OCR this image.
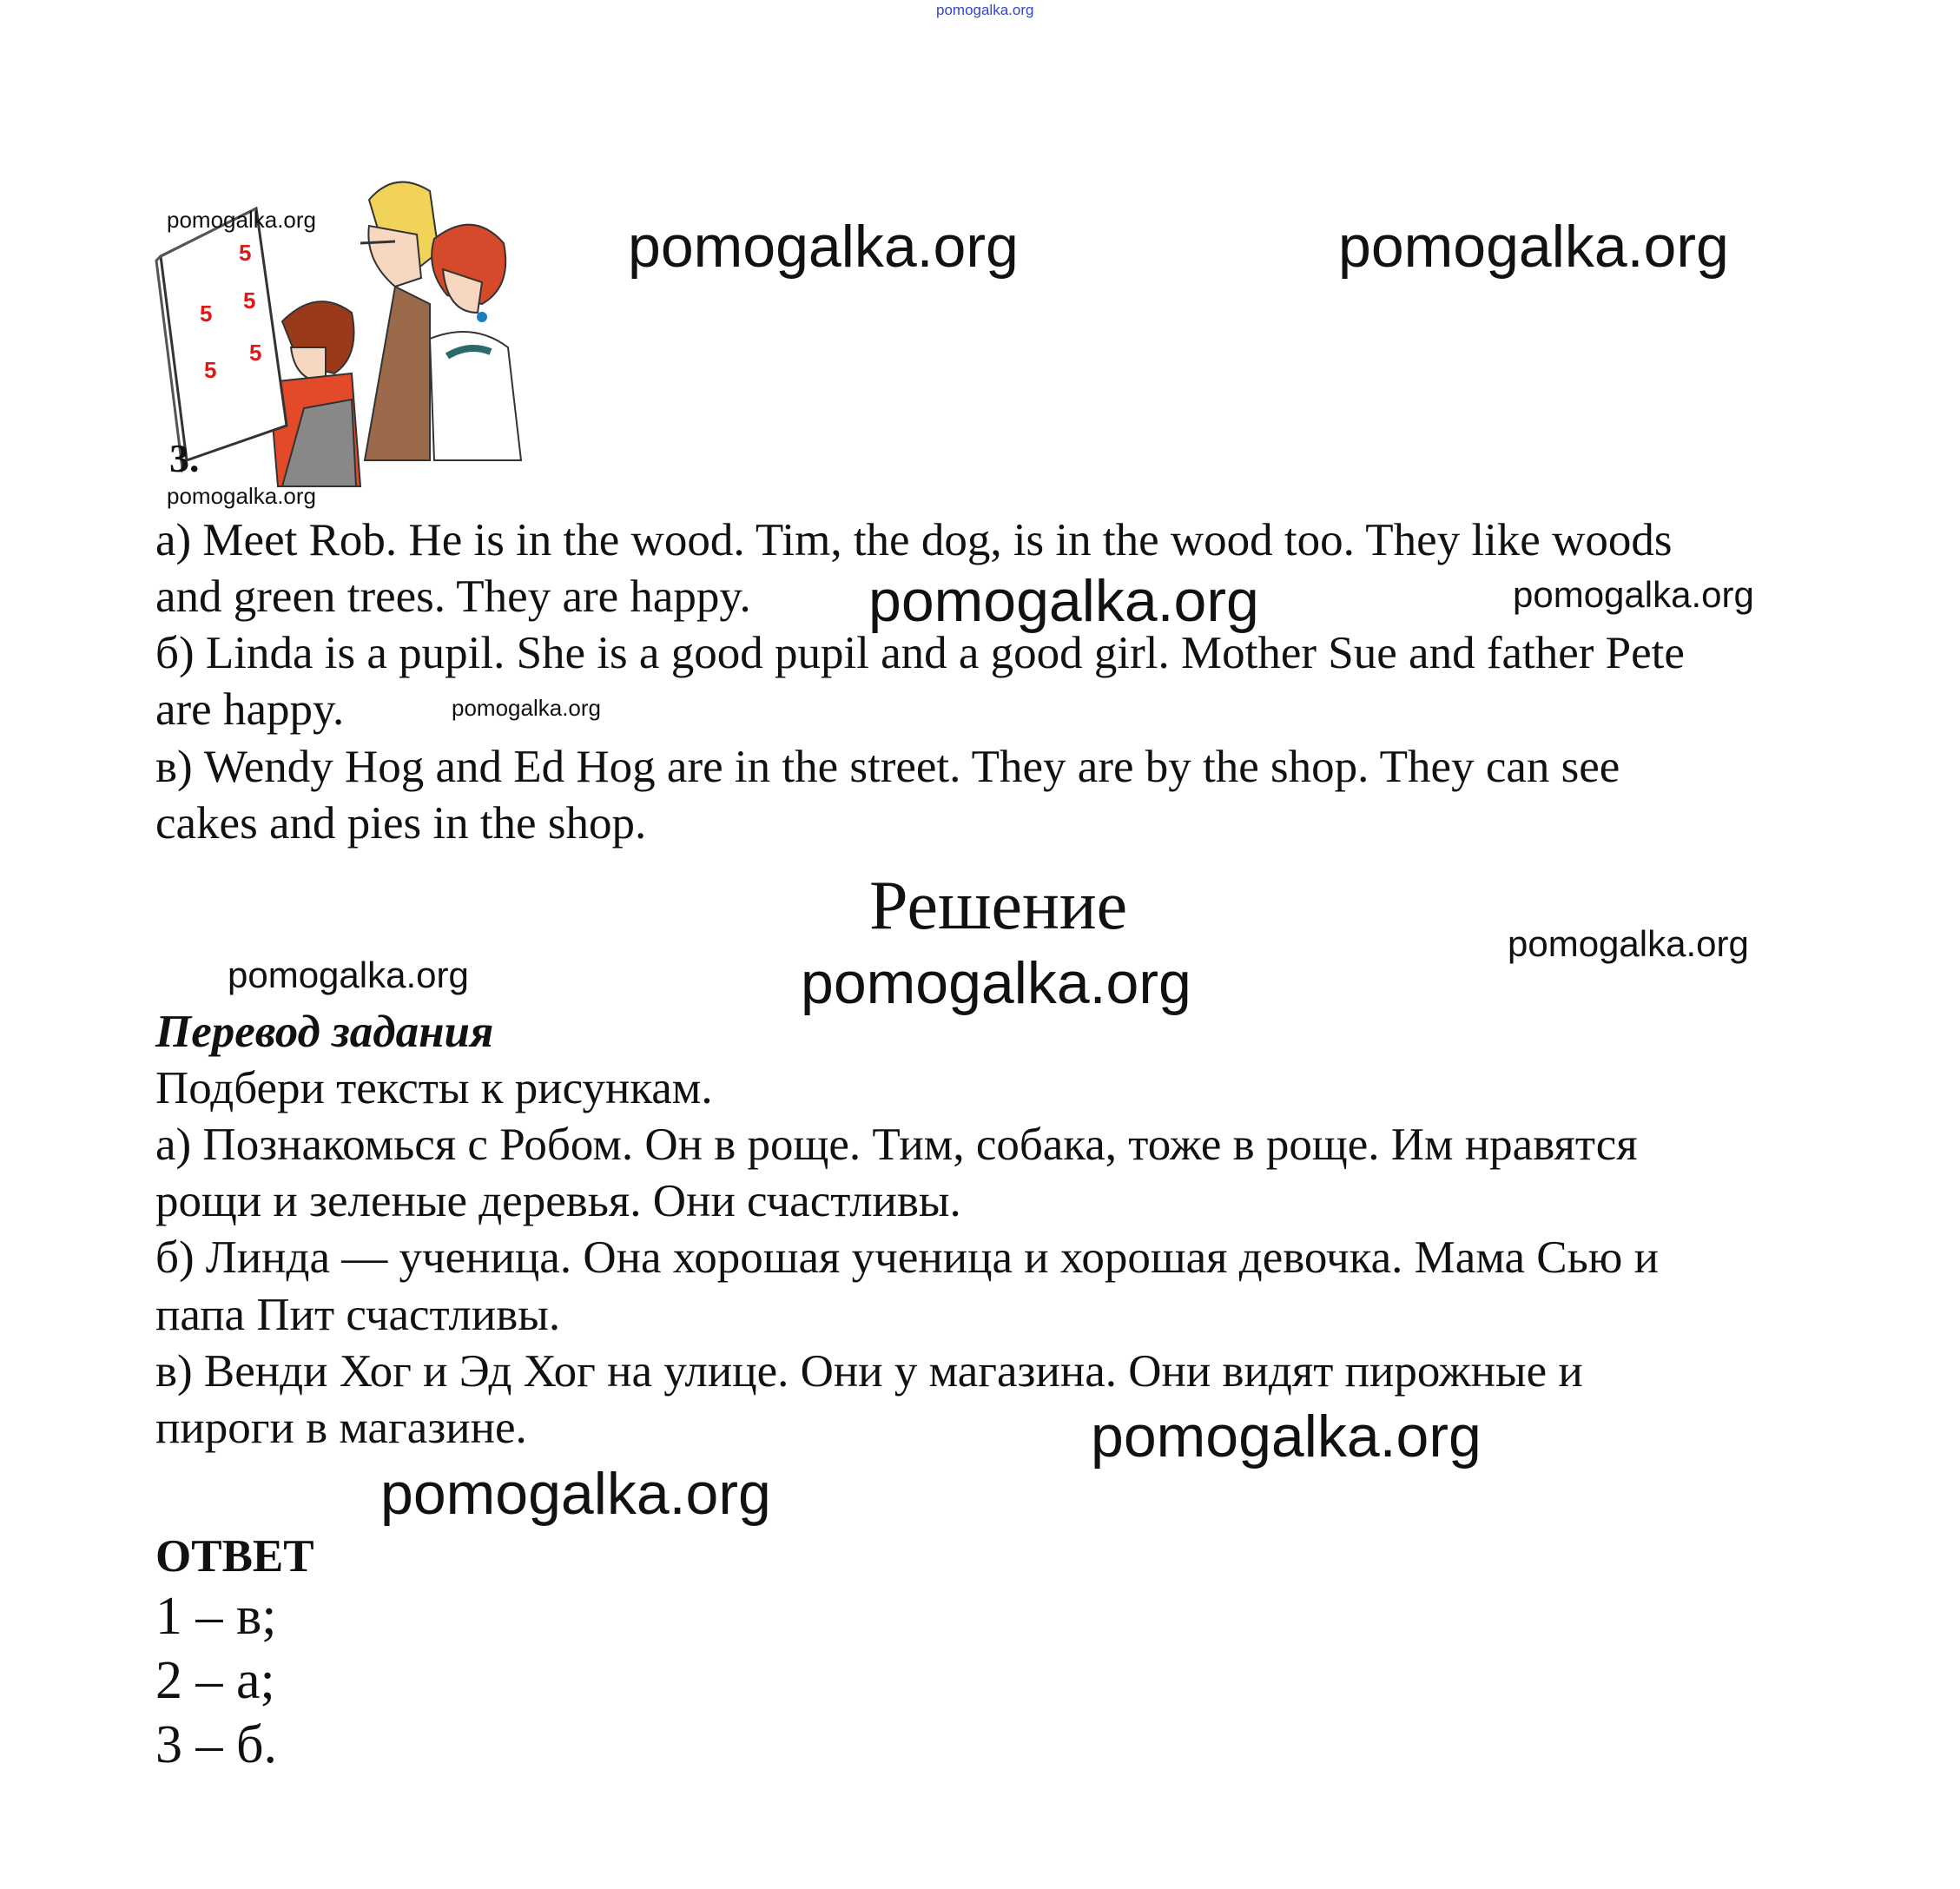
pomogalka.org
5
5
5
5
5
pomogalka.org	pomogalka.org
pomogalka.org
3.
pomogalka.org
a) Meet Rob. He is in the wood. Tim, the dog, is in the wood too. They like woods
and green trees. They are happy.
б) Linda is a pupil. She is a good pupil and a good girl. Mother Sue and father Pete
are happy.
в) Wendy Hog and Ed Hog are in the street. They are by the shop. They can see
cakes and pies in the shop.
pomogalka.org	pomogalka.org
pomogalka.org
Решение
pomogalka.org
pomogalka.org
pomogalka.org
Перевод задания
Подбери тексты к рисункам.
а) Познакомься с Робом. Он в роще. Тим, собака, тоже в роще. Им нравятся
рощи и зеленые деревья. Они счастливы.
б) Линда — ученица. Она хорошая ученица и хорошая девочка. Мама Сью и
папа Пит счастливы.
в) Венди Хог и Эд Хог на улице. Они у магазина. Они видят пирожные и
пироги в магазине.	pomogalka.org
pomogalka.org
ОТВЕТ
1 – в;
2 – а;
3 – б.
